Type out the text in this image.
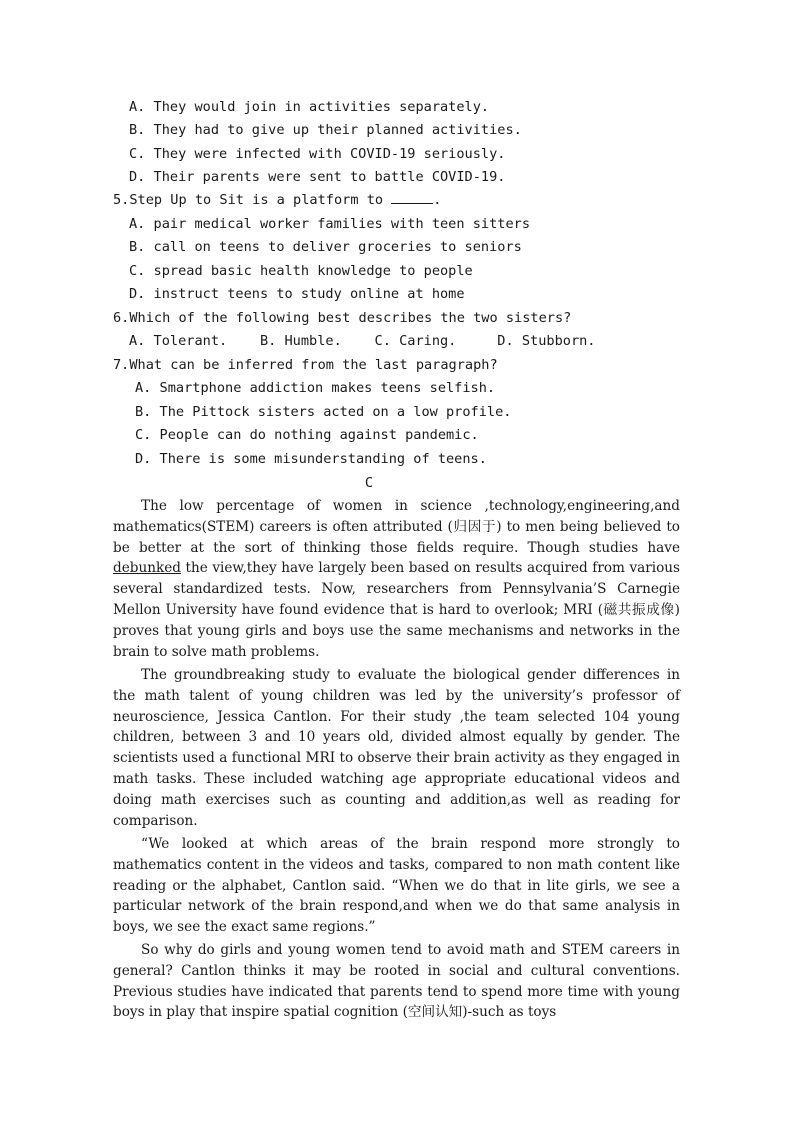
A. They would join in activities separately.
B. They had to give up their planned activities.
C. They were infected with COVID-19 seriously.
D. Their parents were sent to battle COVID-19.
5.Step Up to Sit is a platform to	.
A. pair medical worker families with teen sitters
B. call on teens to deliver groceries to seniors
C. spread basic health knowledge to people
D. instruct teens to study online at home
6.Which of the following best describes the two sisters?
A. Tolerant.    B. Humble.    C. Caring.     D. Stubborn.
7.What can be inferred from the last paragraph?
A. Smartphone addiction makes teens selfish.
B. The Pittock sisters acted on a low profile.
C. People can do nothing against pandemic.
D. There is some misunderstanding of teens.
C
The low percentage of women in science ,technology,engineering,and mathematics(STEM) careers is often attributed (归因于) to men being believed to be better at the sort of thinking those fields require. Though studies have debunked the view,they have largely been based on results acquired from various several standardized tests. Now, researchers from Pennsylvania’S Carnegie Mellon University have found evidence that is hard to overlook; MRI (磁共振成像) proves that young girls and boys use the same mechanisms and networks in the brain to solve math problems.
The groundbreaking study to evaluate the biological gender differences in the math talent of young children was led by the university’s professor of neuroscience, Jessica Cantlon. For their study ,the team selected 104 young children, between 3 and 10 years old, divided almost equally by gender. The scientists used a functional MRI to observe their brain activity as they engaged in math tasks. These included watching age appropriate educational videos and doing math exercises such as counting and addition,as well as reading for comparison.
“We looked at which areas of the brain respond more strongly to mathematics content in the videos and tasks, compared to non math content like reading or the alphabet, Cantlon said. “When we do that in lite girls, we see a particular network of the brain respond,and when we do that same analysis in boys, we see the exact same regions.”
So why do girls and young women tend to avoid math and STEM careers in general? Cantlon thinks it may be rooted in social and cultural conventions. Previous studies have indicated that parents tend to spend more time with young boys in play that inspire spatial cognition (空间认知)-such as toys
